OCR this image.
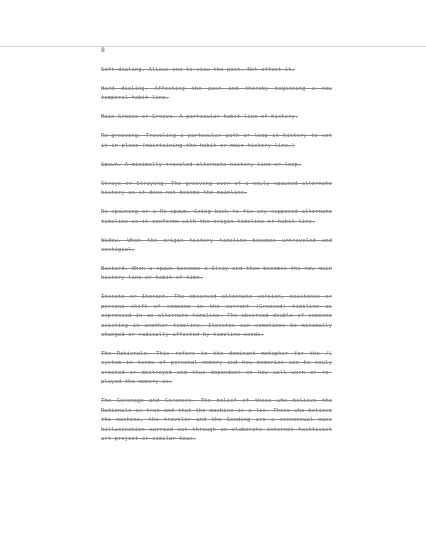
8

Soft dialing. Allows one to view the past. Not affect it.

Hard dialing. Affecting the past and thereby beginning a new temporal habit line.

Main Groove or Groove. A particular habit line of history.

Re-grooving. Traveling a particular path or loop in history to set it in place (maintaining the habit or main history line.)

Spawn. A minimally traveled alternate history line or loop.

Strays or Straying. The grooving over of a newly spawned alternate history so it does not become the mainline.

Re-spawning or a Re-spawn. Going back to fix any supposed alternate timeline so it conforms with the origin timeline or habit line.

Widow. When the origin history timeline becomes untraveled and vestigial.

Bastard. When a spawn becomes a Stray and then becomes the new main history line or habit of time.

Iterate or Iterant. The observed alternate version, existence or persona shift of someone in the current (Grooved) timeline as expressed in an alternate timeline. The observed double of someone existing in another timeline. Iterates can sometimes be minimally changed or radically affected by timeline seeds.

The Rationale. This refers to the dominant metaphor for the /\ system in terms of personal memory and how memories can be newly created or destroyed and thus dependent on how well worn or re-played the memory is.

The Coronage and Coroners. The belief of those who believe the Rationale is true and that the machine is a lie. Those who believe the machine, the traveler and the Seeding are a consensual mass hallucination carried out through an elaborate internet hacktivist art project or similar hoax.
